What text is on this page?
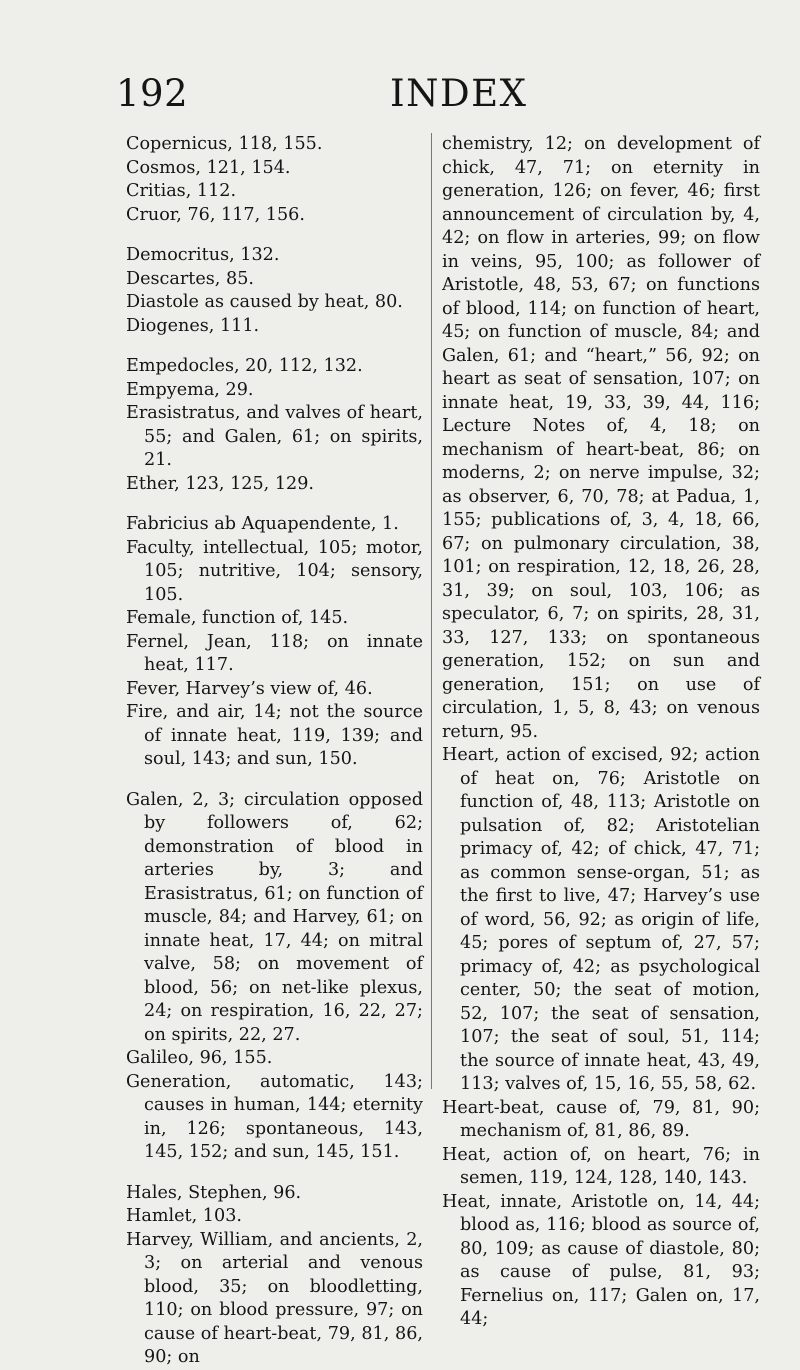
192	INDEX

Copernicus, 118, 155.

Cosmos, 121, 154.

Critias, 112.

Cruor, 76, 117, 156.

Democritus, 132.

Descartes, 85.

Diastole as caused by heat, 80.

Diogenes, 111.

Empedocles, 20, 112, 132.

Empyema, 29.

Erasistratus, and valves of heart, 55; and Galen, 61; on spirits, 21.

Ether, 123, 125, 129.

Fabricius ab Aquapendente, 1.

Faculty, intellectual, 105; motor, 105; nutritive, 104; sensory, 105.

Female, function of, 145.

Fernel, Jean, 118; on innate heat, 117.

Fever, Harvey’s view of, 46.

Fire, and air, 14; not the source of innate heat, 119, 139; and soul, 143; and sun, 150.

Galen, 2, 3; circulation opposed by followers of, 62; demonstration of blood in arteries by, 3; and Erasistratus, 61; on function of muscle, 84; and Harvey, 61; on innate heat, 17, 44; on mitral valve, 58; on movement of blood, 56; on net-like plexus, 24; on respiration, 16, 22, 27; on spirits, 22, 27.

Galileo, 96, 155.

Generation, automatic, 143; causes in human, 144; eternity in, 126; spontaneous, 143, 145, 152; and sun, 145, 151.

Hales, Stephen, 96.

Hamlet, 103.

Harvey, William, and ancients, 2, 3; on arterial and venous blood, 35; on bloodletting, 110; on blood pressure, 97; on cause of heart-beat, 79, 81, 86, 90; on

chemistry, 12; on development of chick, 47, 71; on eternity in generation, 126; on fever, 46; first announcement of circulation by, 4, 42; on flow in arteries, 99; on flow in veins, 95, 100; as follower of Aristotle, 48, 53, 67; on functions of blood, 114; on function of heart, 45; on function of muscle, 84; and Galen, 61; and “heart,” 56, 92; on heart as seat of sensation, 107; on innate heat, 19, 33, 39, 44, 116; Lecture Notes of, 4, 18; on mechanism of heart-beat, 86; on moderns, 2; on nerve impulse, 32; as observer, 6, 70, 78; at Padua, 1, 155; publications of, 3, 4, 18, 66, 67; on pulmonary circulation, 38, 101; on respiration, 12, 18, 26, 28, 31, 39; on soul, 103, 106; as speculator, 6, 7; on spirits, 28, 31, 33, 127, 133; on spontaneous generation, 152; on sun and generation, 151; on use of circulation, 1, 5, 8, 43; on venous return, 95.

Heart, action of excised, 92; action of heat on, 76; Aristotle on function of, 48, 113; Aristotle on pulsation of, 82; Aristotelian primacy of, 42; of chick, 47, 71; as common sense-organ, 51; as the first to live, 47; Harvey’s use of word, 56, 92; as origin of life, 45; pores of septum of, 27, 57; primacy of, 42; as psychological center, 50; the seat of motion, 52, 107; the seat of sensation, 107; the seat of soul, 51, 114; the source of innate heat, 43, 49, 113; valves of, 15, 16, 55, 58, 62.

Heart-beat, cause of, 79, 81, 90; mechanism of, 81, 86, 89.

Heat, action of, on heart, 76; in semen, 119, 124, 128, 140, 143.

Heat, innate, Aristotle on, 14, 44; blood as, 116; blood as source of, 80, 109; as cause of diastole, 80; as cause of pulse, 81, 93; Fernelius on, 117; Galen on, 17, 44;
